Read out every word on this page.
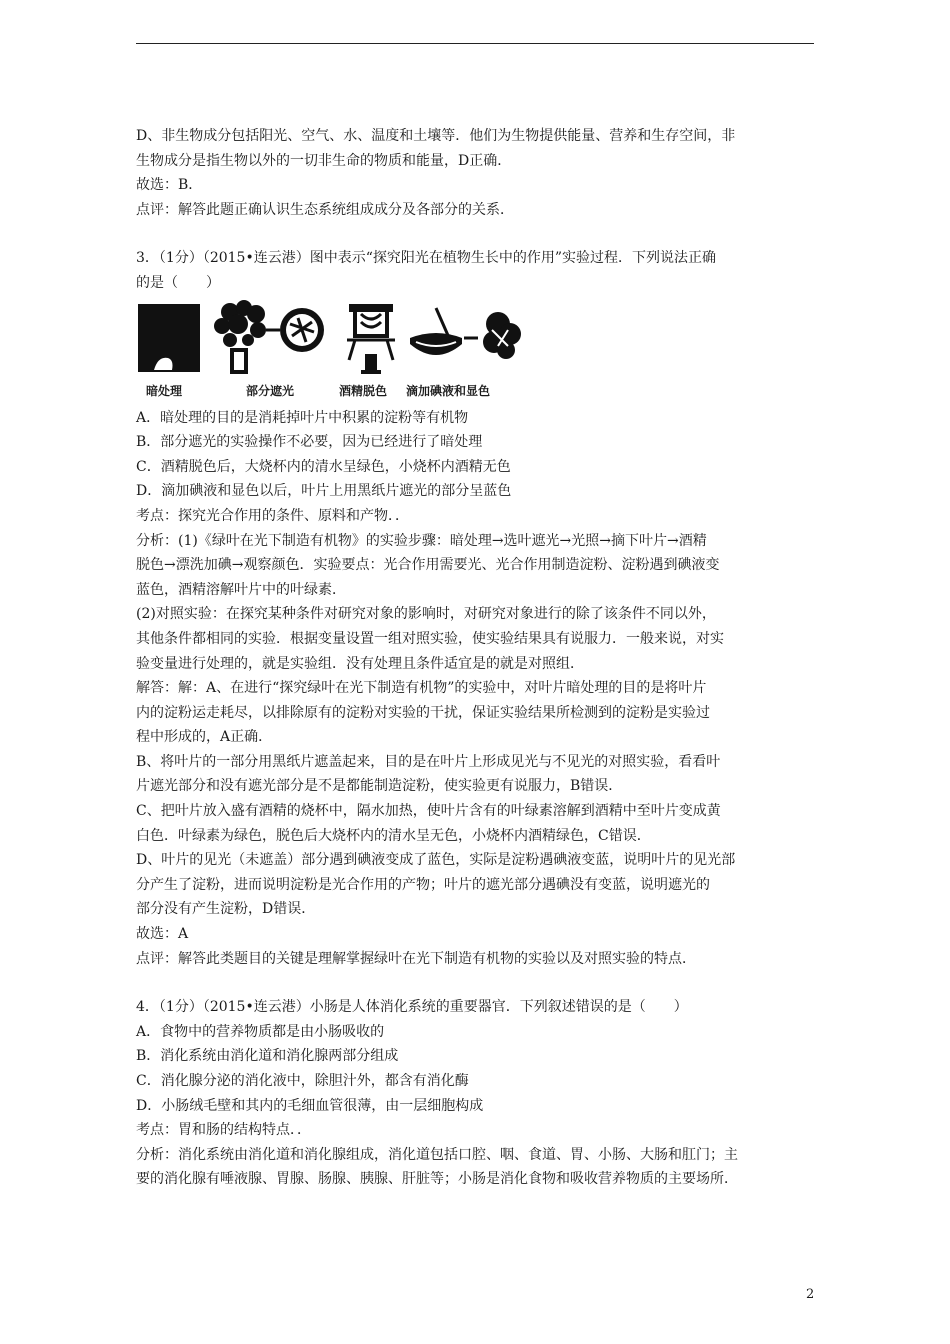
D、非生物成分包括阳光、空气、水、温度和土壤等．他们为生物提供能量、营养和生存空间，非
生物成分是指生物以外的一切非生命的物质和能量，D正确．
故选：B．
点评：解答此题正确认识生态系统组成成分及各部分的关系．
3．（1分）（2015•连云港）图中表示“探究阳光在植物生长中的作用”实验过程．下列说法正确
的是（　　）
暗处理	部分遮光	酒精脱色 滴加碘液和显色
A．暗处理的目的是消耗掉叶片中积累的淀粉等有机物
B．部分遮光的实验操作不必要，因为已经进行了暗处理
C．酒精脱色后，大烧杯内的清水呈绿色，小烧杯内酒精无色
D．滴加碘液和显色以后，叶片上用黑纸片遮光的部分呈蓝色
考点：探究光合作用的条件、原料和产物．．
分析：(1)《绿叶在光下制造有机物》的实验步骤：暗处理→选叶遮光→光照→摘下叶片→酒精
脱色→漂洗加碘→观察颜色．实验要点：光合作用需要光、光合作用制造淀粉、淀粉遇到碘液变
蓝色，酒精溶解叶片中的叶绿素．
(2)对照实验：在探究某种条件对研究对象的影响时，对研究对象进行的除了该条件不同以外，
其他条件都相同的实验．根据变量设置一组对照实验，使实验结果具有说服力．一般来说，对实
验变量进行处理的，就是实验组．没有处理且条件适宜是的就是对照组．
解答：解：A、在进行“探究绿叶在光下制造有机物”的实验中，对叶片暗处理的目的是将叶片
内的淀粉运走耗尽，以排除原有的淀粉对实验的干扰，保证实验结果所检测到的淀粉是实验过
程中形成的，A正确．
B、将叶片的一部分用黑纸片遮盖起来，目的是在叶片上形成见光与不见光的对照实验，看看叶
片遮光部分和没有遮光部分是不是都能制造淀粉，使实验更有说服力，B错误．
C、把叶片放入盛有酒精的烧杯中，隔水加热，使叶片含有的叶绿素溶解到酒精中至叶片变成黄
白色．叶绿素为绿色，脱色后大烧杯内的清水呈无色，小烧杯内酒精绿色，C错误．
D、叶片的见光（未遮盖）部分遇到碘液变成了蓝色，实际是淀粉遇碘液变蓝，说明叶片的见光部
分产生了淀粉，进而说明淀粉是光合作用的产物；叶片的遮光部分遇碘没有变蓝，说明遮光的
部分没有产生淀粉，D错误．
故选：A
点评：解答此类题目的关键是理解掌握绿叶在光下制造有机物的实验以及对照实验的特点．
4．（1分）（2015•连云港）小肠是人体消化系统的重要器官．下列叙述错误的是（　　）
A．食物中的营养物质都是由小肠吸收的
B．消化系统由消化道和消化腺两部分组成
C．消化腺分泌的消化液中，除胆汁外，都含有消化酶
D．小肠绒毛壁和其内的毛细血管很薄，由一层细胞构成
考点：胃和肠的结构特点．．
分析：消化系统由消化道和消化腺组成，消化道包括口腔、咽、食道、胃、小肠、大肠和肛门；主
要的消化腺有唾液腺、胃腺、肠腺、胰腺、肝脏等；小肠是消化食物和吸收营养物质的主要场所．
2
